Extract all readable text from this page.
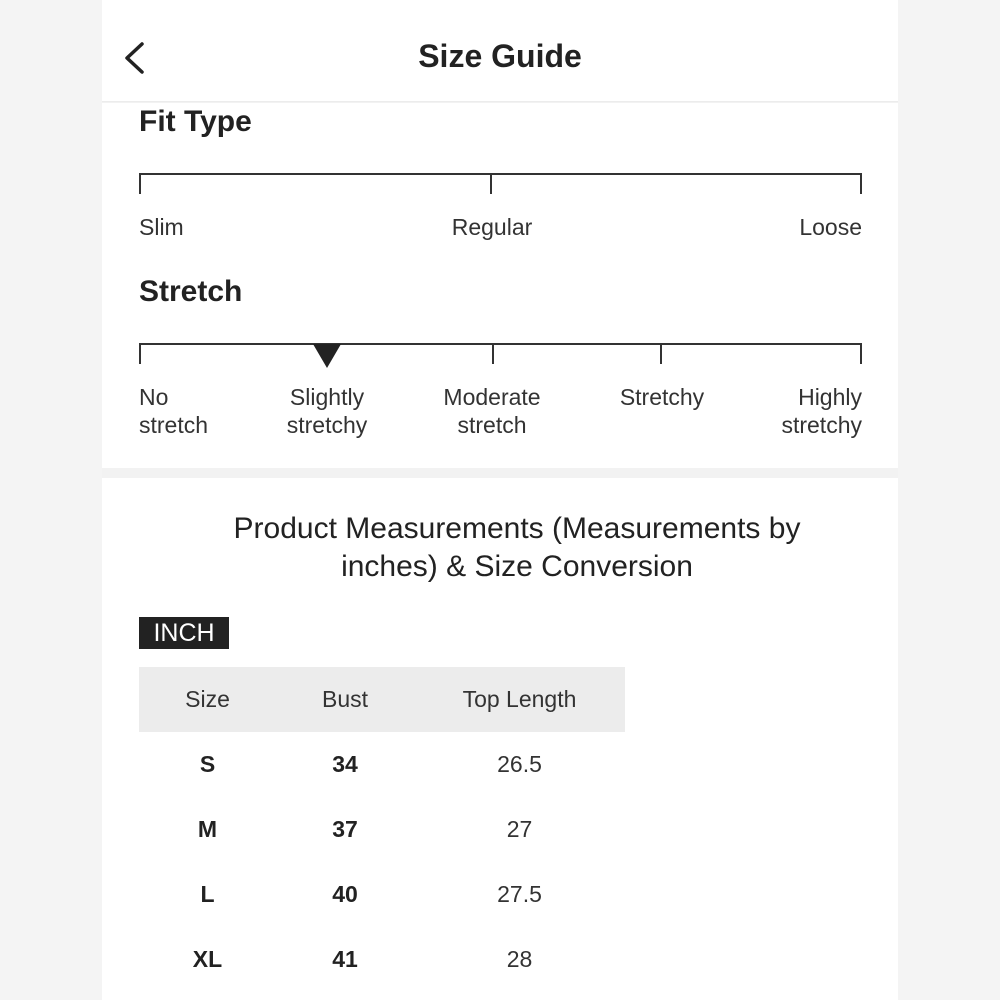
Size Guide
Fit Type
Slim	Regular	Loose
Stretch
No
stretch
Slightly
stretchy
Moderate
stretch
Stretchy	Highly
stretchy
Product Measurements (Measurements by
inches) & Size Conversion
INCH
Size	Bust	Top Length
S	34	26.5
M	37	27
L	40	27.5
XL	41	28
